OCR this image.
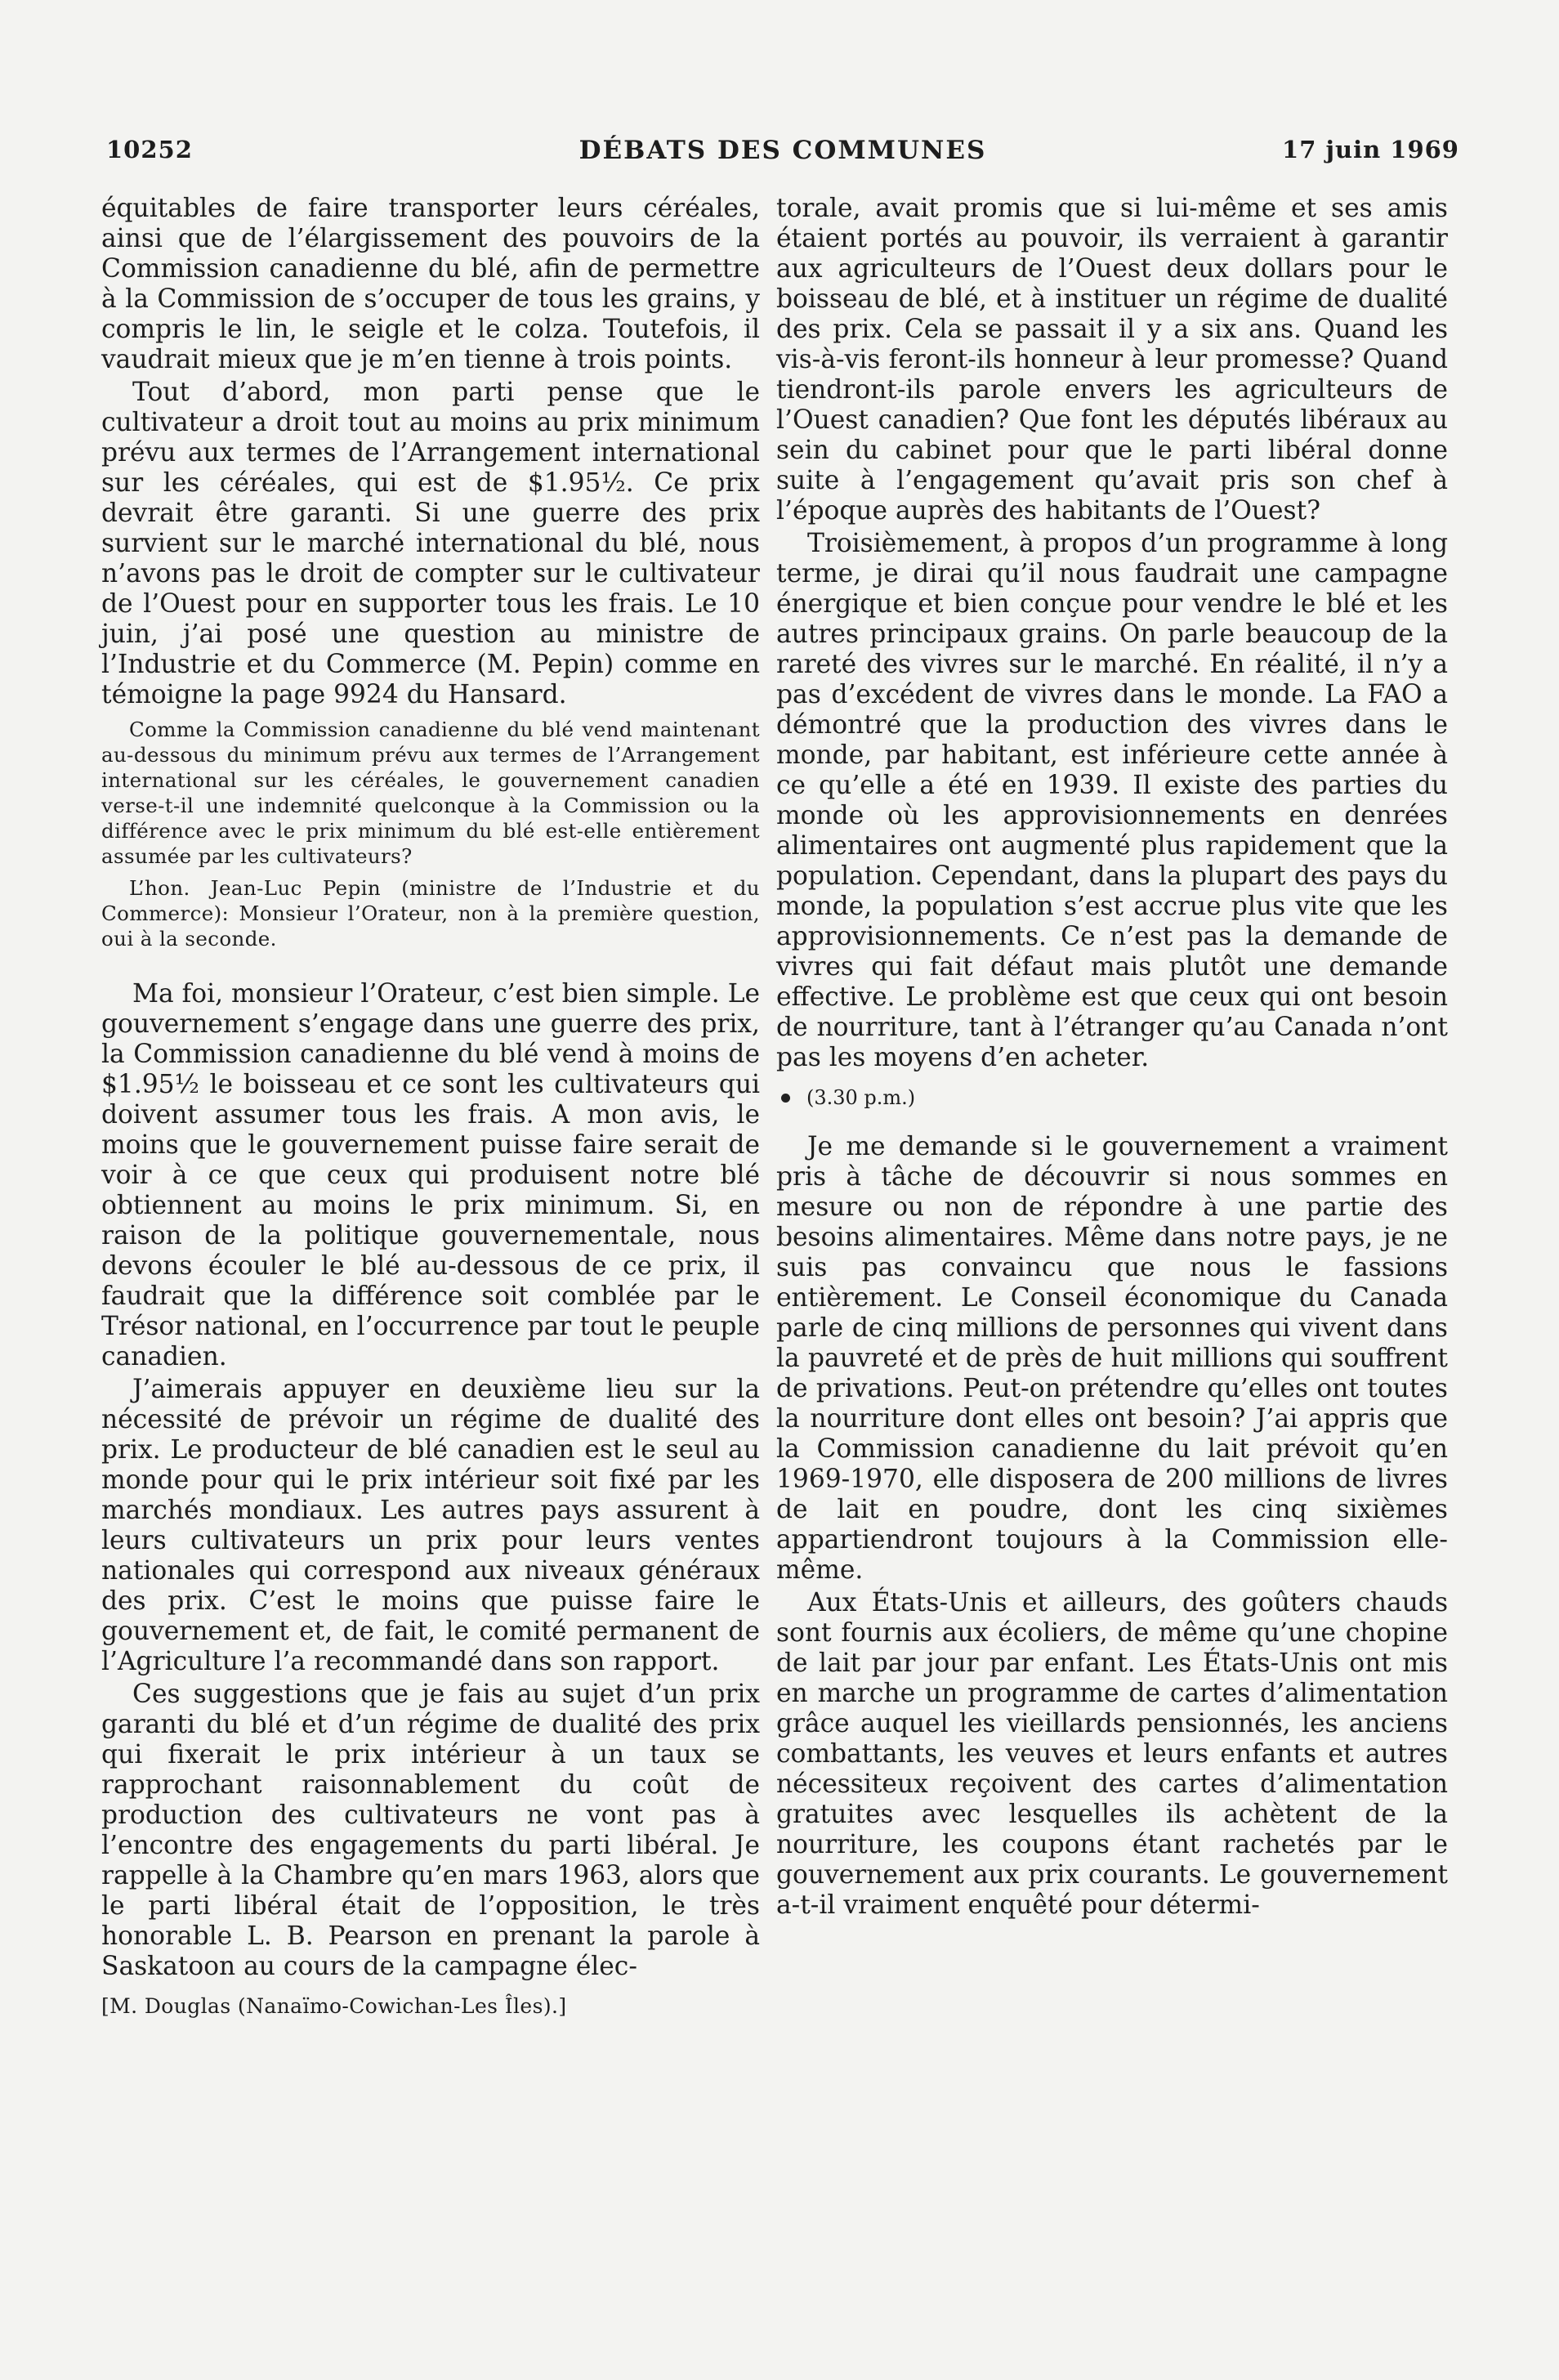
10252	DÉBATS DES COMMUNES	17 juin 1969

équitables de faire transporter leurs céréales, ainsi que de l’élargissement des pouvoirs de la Commission canadienne du blé, afin de permettre à la Commission de s’occuper de tous les grains, y compris le lin, le seigle et le colza. Toutefois, il vaudrait mieux que je m’en tienne à trois points.

Tout d’abord, mon parti pense que le cultivateur a droit tout au moins au prix minimum prévu aux termes de l’Arrangement international sur les céréales, qui est de $1.95½. Ce prix devrait être garanti. Si une guerre des prix survient sur le marché international du blé, nous n’avons pas le droit de compter sur le cultivateur de l’Ouest pour en supporter tous les frais. Le 10 juin, j’ai posé une question au ministre de l’Industrie et du Commerce (M. Pepin) comme en témoigne la page 9924 du Hansard.

Comme la Commission canadienne du blé vend maintenant au-dessous du minimum prévu aux termes de l’Arrangement international sur les céréales, le gouvernement canadien verse-t-il une indemnité quelconque à la Commission ou la différence avec le prix minimum du blé est-elle entièrement assumée par les cultivateurs?

L’hon. Jean-Luc Pepin (ministre de l’Industrie et du Commerce): Monsieur l’Orateur, non à la première question, oui à la seconde.

Ma foi, monsieur l’Orateur, c’est bien simple. Le gouvernement s’engage dans une guerre des prix, la Commission canadienne du blé vend à moins de $1.95½ le boisseau et ce sont les cultivateurs qui doivent assumer tous les frais. A mon avis, le moins que le gouvernement puisse faire serait de voir à ce que ceux qui produisent notre blé obtiennent au moins le prix minimum. Si, en raison de la politique gouvernementale, nous devons écouler le blé au-dessous de ce prix, il faudrait que la différence soit comblée par le Trésor national, en l’occurrence par tout le peuple canadien.

J’aimerais appuyer en deuxième lieu sur la nécessité de prévoir un régime de dualité des prix. Le producteur de blé canadien est le seul au monde pour qui le prix intérieur soit fixé par les marchés mondiaux. Les autres pays assurent à leurs cultivateurs un prix pour leurs ventes nationales qui correspond aux niveaux généraux des prix. C’est le moins que puisse faire le gouvernement et, de fait, le comité permanent de l’Agriculture l’a recommandé dans son rapport.

Ces suggestions que je fais au sujet d’un prix garanti du blé et d’un régime de dualité des prix qui fixerait le prix intérieur à un taux se rapprochant raisonnablement du coût de production des cultivateurs ne vont pas à l’encontre des engagements du parti libéral. Je rappelle à la Chambre qu’en mars 1963, alors que le parti libéral était de l’opposition, le très honorable L. B. Pearson en prenant la parole à Saskatoon au cours de la campagne élec-

[M. Douglas (Nanaïmo-Cowichan-Les Îles).]

torale, avait promis que si lui-même et ses amis étaient portés au pouvoir, ils verraient à garantir aux agriculteurs de l’Ouest deux dollars pour le boisseau de blé, et à instituer un régime de dualité des prix. Cela se passait il y a six ans. Quand les vis-à-vis feront-ils honneur à leur promesse? Quand tiendront-ils parole envers les agriculteurs de l’Ouest canadien? Que font les députés libéraux au sein du cabinet pour que le parti libéral donne suite à l’engagement qu’avait pris son chef à l’époque auprès des habitants de l’Ouest?

Troisièmement, à propos d’un programme à long terme, je dirai qu’il nous faudrait une campagne énergique et bien conçue pour vendre le blé et les autres principaux grains. On parle beaucoup de la rareté des vivres sur le marché. En réalité, il n’y a pas d’excédent de vivres dans le monde. La FAO a démontré que la production des vivres dans le monde, par habitant, est inférieure cette année à ce qu’elle a été en 1939. Il existe des parties du monde où les approvisionnements en denrées alimentaires ont augmenté plus rapidement que la population. Cependant, dans la plupart des pays du monde, la population s’est accrue plus vite que les approvisionnements. Ce n’est pas la demande de vivres qui fait défaut mais plutôt une demande effective. Le problème est que ceux qui ont besoin de nourriture, tant à l’étranger qu’au Canada n’ont pas les moyens d’en acheter.

(3.30 p.m.)

Je me demande si le gouvernement a vraiment pris à tâche de découvrir si nous sommes en mesure ou non de répondre à une partie des besoins alimentaires. Même dans notre pays, je ne suis pas convaincu que nous le fassions entièrement. Le Conseil économique du Canada parle de cinq millions de personnes qui vivent dans la pauvreté et de près de huit millions qui souffrent de privations. Peut-on prétendre qu’elles ont toutes la nourriture dont elles ont besoin? J’ai appris que la Commission canadienne du lait prévoit qu’en 1969-1970, elle disposera de 200 millions de livres de lait en poudre, dont les cinq sixièmes appartiendront toujours à la Commission elle-même.

Aux États-Unis et ailleurs, des goûters chauds sont fournis aux écoliers, de même qu’une chopine de lait par jour par enfant. Les États-Unis ont mis en marche un programme de cartes d’alimentation grâce auquel les vieillards pensionnés, les anciens combattants, les veuves et leurs enfants et autres nécessiteux reçoivent des cartes d’alimentation gratuites avec lesquelles ils achètent de la nourriture, les coupons étant rachetés par le gouvernement aux prix courants. Le gouvernement a-t-il vraiment enquêté pour détermi-
